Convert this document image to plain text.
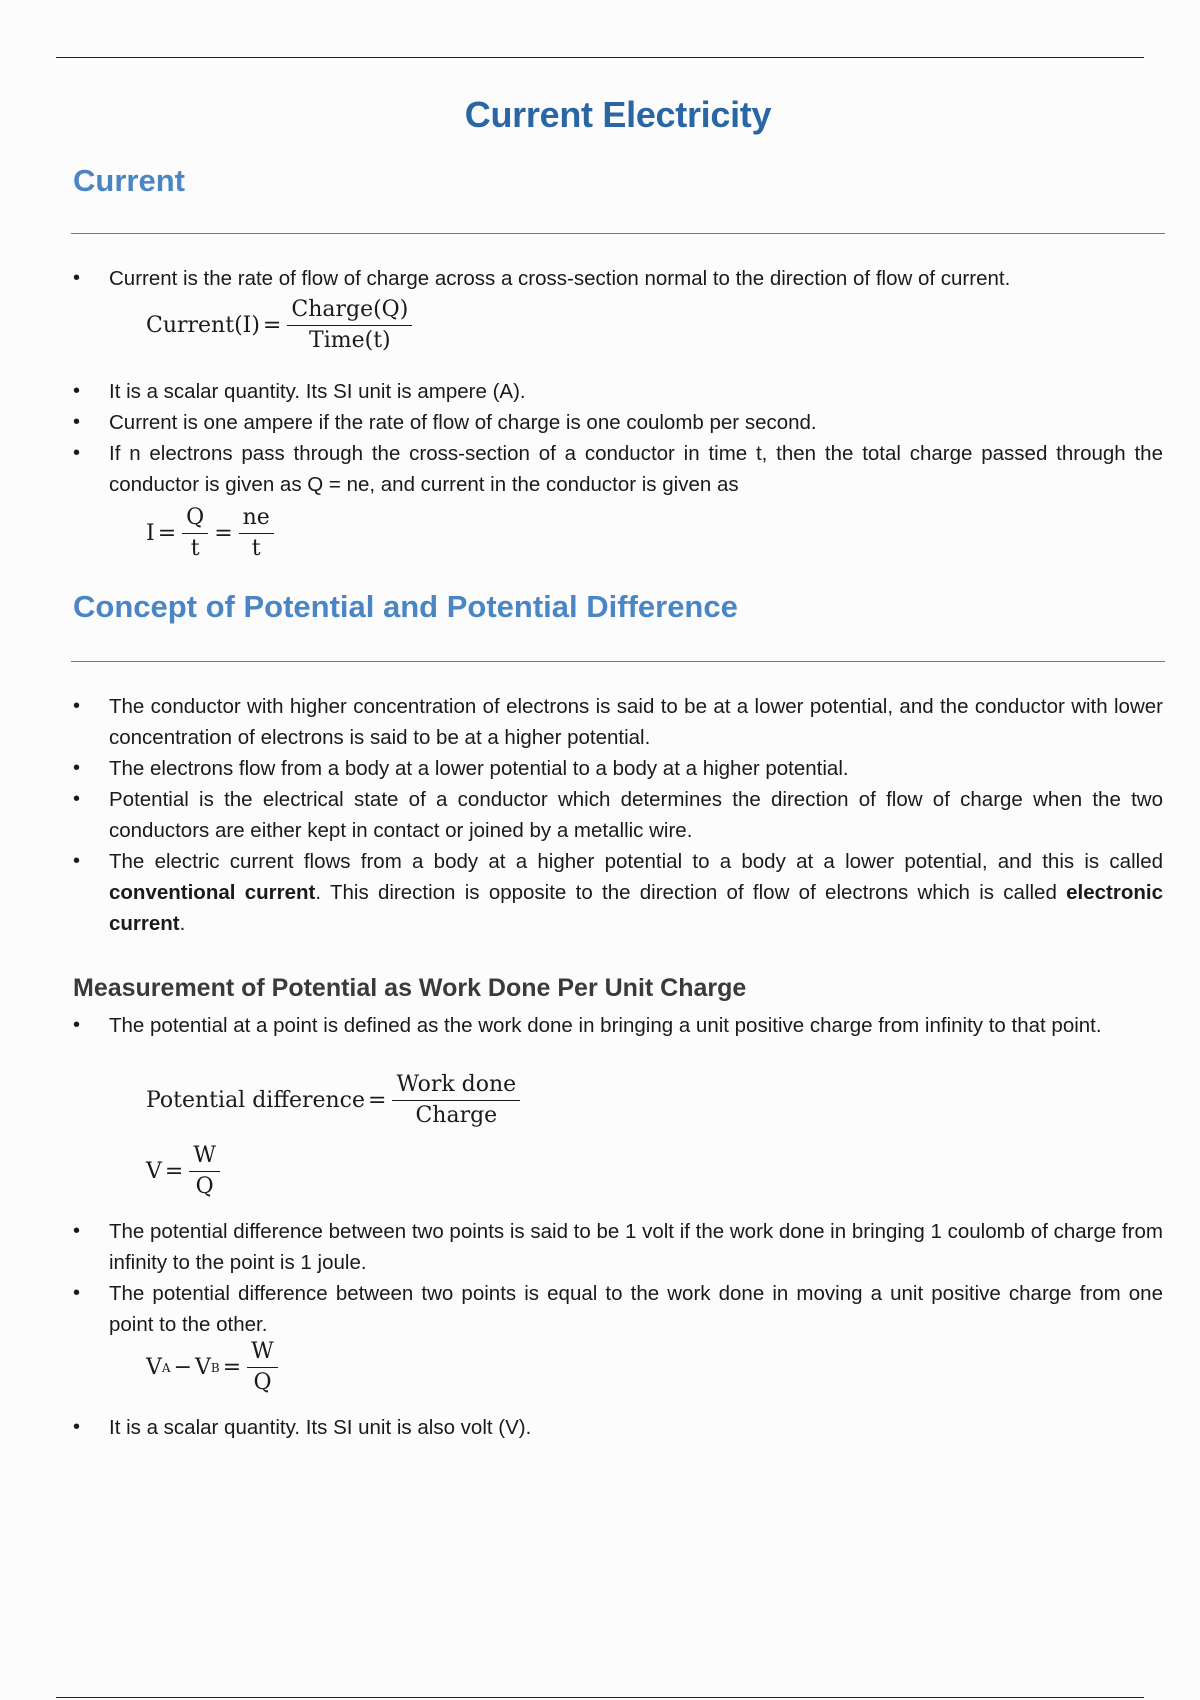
Current Electricity
Current
• Current is the rate of flow of charge across a cross-section normal to the direction of flow of current.
Current(I) = $\frac{\text{Charge(Q)}}{\text{Time(t)}}$
• It is a scalar quantity. Its SI unit is ampere (A).
• Current is one ampere if the rate of flow of charge is one coulomb per second.
• If n electrons pass through the cross-section of a conductor in time t, then the total charge passed through the conductor is given as Q = ne, and current in the conductor is given as
$I = \frac{Q}{t} = \frac{ne}{t}$
Concept of Potential and Potential Difference
• The conductor with higher concentration of electrons is said to be at a lower potential, and the conductor with lower concentration of electrons is said to be at a higher potential.
• The electrons flow from a body at a lower potential to a body at a higher potential.
• Potential is the electrical state of a conductor which determines the direction of flow of charge when the two conductors are either kept in contact or joined by a metallic wire.
• The electric current flows from a body at a higher potential to a body at a lower potential, and this is called conventional current. This direction is opposite to the direction of flow of electrons which is called electronic current.
Measurement of Potential as Work Done Per Unit Charge
• The potential at a point is defined as the work done in bringing a unit positive charge from infinity to that point.
Potential difference = $\frac{\text{Work done}}{\text{Charge}}$
$V = \frac{W}{Q}$
• The potential difference between two points is said to be 1 volt if the work done in bringing 1 coulomb of charge from infinity to the point is 1 joule.
• The potential difference between two points is equal to the work done in moving a unit positive charge from one point to the other.
V A − V $B = \frac{W}{Q}$
• It is a scalar quantity. Its SI unit is also volt (V).
